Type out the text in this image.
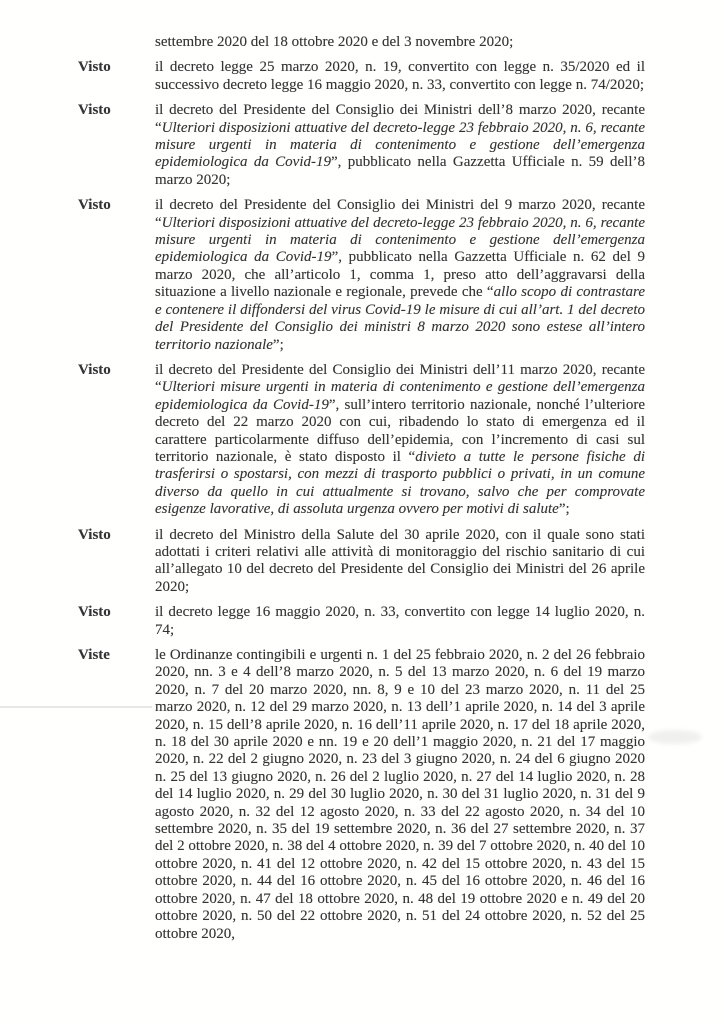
settembre 2020 del 18 ottobre 2020 e del 3 novembre 2020;
Visto	il decreto legge 25 marzo 2020, n. 19, convertito con legge n. 35/2020 ed il successivo decreto legge 16 maggio 2020, n. 33, convertito con legge n. 74/2020;
Visto	il decreto del Presidente del Consiglio dei Ministri dell’8 marzo 2020, recante “Ulteriori disposizioni attuative del decreto-legge 23 febbraio 2020, n. 6, recante misure urgenti in materia di contenimento e gestione dell’emergenza epidemiologica da Covid-19”, pubblicato nella Gazzetta Ufficiale n. 59 dell’8 marzo 2020;
Visto	il decreto del Presidente del Consiglio dei Ministri del 9 marzo 2020, recante “Ulteriori disposizioni attuative del decreto-legge 23 febbraio 2020, n. 6, recante misure urgenti in materia di contenimento e gestione dell’emergenza epidemiologica da Covid-19”, pubblicato nella Gazzetta Ufficiale n. 62 del 9 marzo 2020, che all’articolo 1, comma 1, preso atto dell’aggravarsi della situazione a livello nazionale e regionale, prevede che “allo scopo di contrastare e contenere il diffondersi del virus Covid-19 le misure di cui all’art. 1 del decreto del Presidente del Consiglio dei ministri 8 marzo 2020 sono estese all’intero territorio nazionale”;
Visto	il decreto del Presidente del Consiglio dei Ministri dell’11 marzo 2020, recante “Ulteriori misure urgenti in materia di contenimento e gestione dell’emergenza epidemiologica da Covid-19”, sull’intero territorio nazionale, nonché l’ulteriore decreto del 22 marzo 2020 con cui, ribadendo lo stato di emergenza ed il carattere particolarmente diffuso dell’epidemia, con l’incremento di casi sul territorio nazionale, è stato disposto il “divieto a tutte le persone fisiche di trasferirsi o spostarsi, con mezzi di trasporto pubblici o privati, in un comune diverso da quello in cui attualmente si trovano, salvo che per comprovate esigenze lavorative, di assoluta urgenza ovvero per motivi di salute”;
Visto	il decreto del Ministro della Salute del 30 aprile 2020, con il quale sono stati adottati i criteri relativi alle attività di monitoraggio del rischio sanitario di cui all’allegato 10 del decreto del Presidente del Consiglio dei Ministri del 26 aprile 2020;
Visto	il decreto legge 16 maggio 2020, n. 33, convertito con legge 14 luglio 2020, n. 74;
Viste	le Ordinanze contingibili e urgenti n. 1 del 25 febbraio 2020, n. 2 del 26 febbraio 2020, nn. 3 e 4 dell’8 marzo 2020, n. 5 del 13 marzo 2020, n. 6 del 19 marzo 2020, n. 7 del 20 marzo 2020, nn. 8, 9 e 10 del 23 marzo 2020, n. 11 del 25 marzo 2020, n. 12 del 29 marzo 2020, n. 13 dell’1 aprile 2020, n. 14 del 3 aprile 2020, n. 15 dell’8 aprile 2020, n. 16 dell’11 aprile 2020, n. 17 del 18 aprile 2020, n. 18 del 30 aprile 2020 e nn. 19 e 20 dell’1 maggio 2020, n. 21 del 17 maggio 2020, n. 22 del 2 giugno 2020, n. 23 del 3 giugno 2020, n. 24 del 6 giugno 2020 n. 25 del 13 giugno 2020, n. 26 del 2 luglio 2020, n. 27 del 14 luglio 2020, n. 28 del 14 luglio 2020, n. 29 del 30 luglio 2020, n. 30 del 31 luglio 2020, n. 31 del 9 agosto 2020, n. 32 del 12 agosto 2020, n. 33 del 22 agosto 2020, n. 34 del 10 settembre 2020, n. 35 del 19 settembre 2020, n. 36 del 27 settembre 2020, n. 37 del 2 ottobre 2020, n. 38 del 4 ottobre 2020, n. 39 del 7 ottobre 2020, n. 40 del 10 ottobre 2020, n. 41 del 12 ottobre 2020, n. 42 del 15 ottobre 2020, n. 43 del 15 ottobre 2020, n. 44 del 16 ottobre 2020, n. 45 del 16 ottobre 2020, n. 46 del 16 ottobre 2020, n. 47 del 18 ottobre 2020, n. 48 del 19 ottobre 2020 e n. 49 del 20 ottobre 2020, n. 50 del 22 ottobre 2020, n. 51 del 24 ottobre 2020, n. 52 del 25 ottobre 2020,
